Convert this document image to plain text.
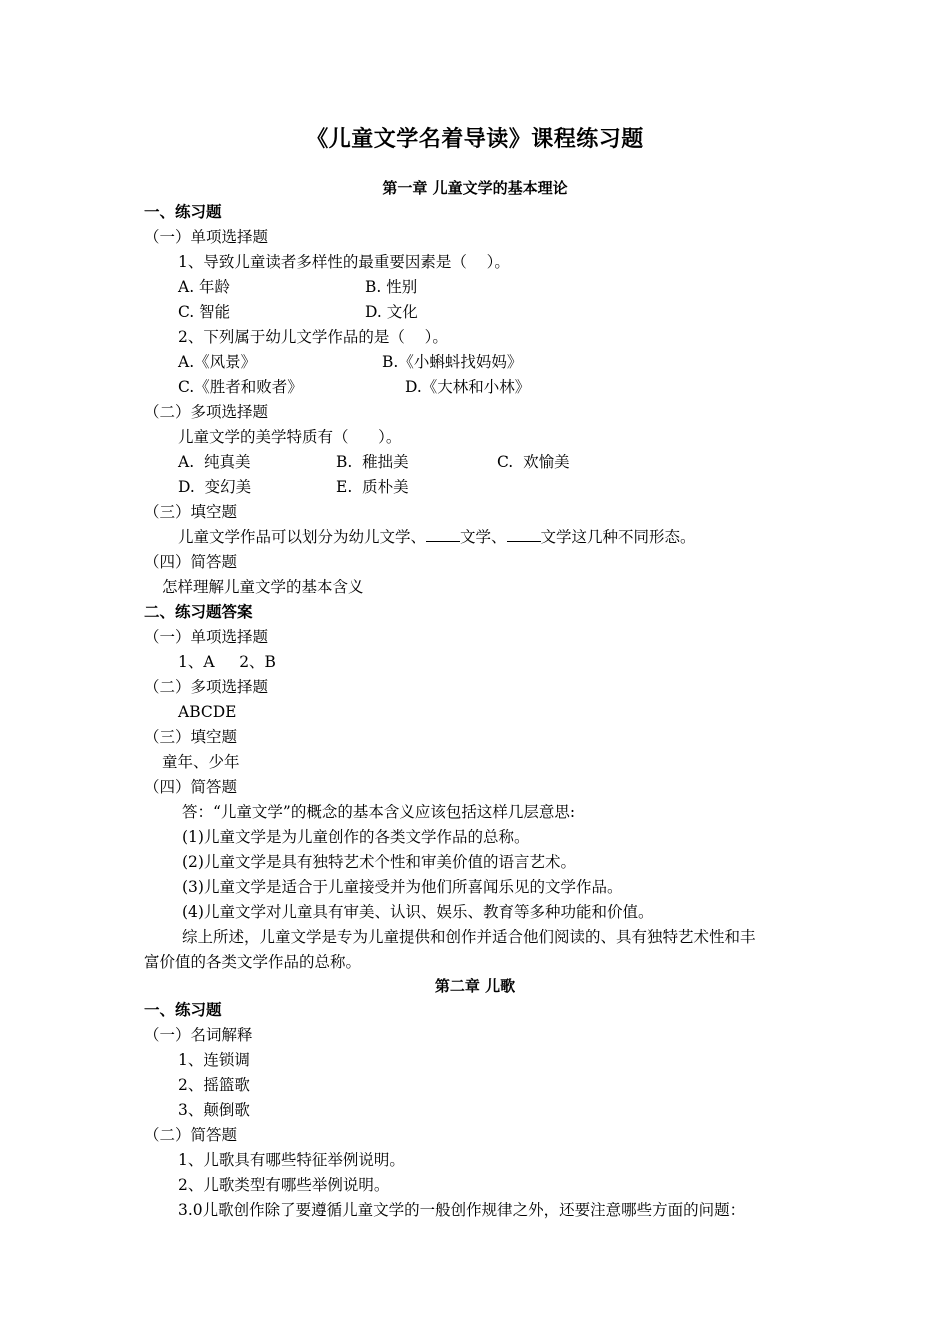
《儿童文学名着导读》课程练习题
第一章 儿童文学的基本理论
一、练习题
（一）单项选择题
1、导致儿童读者多样性的最重要因素是（    ）。
A. 年龄	B. 性别
C. 智能	D. 文化
2、下列属于幼儿文学作品的是（    ）。
A.《风景》	B.《小蝌蚪找妈妈》
C.《胜者和败者》	D.《大林和小林》
（二）多项选择题
儿童文学的美学特质有（      ）。
A.  纯真美	B.  稚拙美	C.  欢愉美
D.  变幻美	E.  质朴美
（三）填空题
儿童文学作品可以划分为幼儿文学、 文学、 文学这几种不同形态。
（四）简答题
怎样理解儿童文学的基本含义
二、练习题答案
（一）单项选择题
1、A     2、B
（二）多项选择题
ABCDE
（三）填空题
童年、少年
（四）简答题
答：“儿童文学”的概念的基本含义应该包括这样几层意思:
(1)儿童文学是为儿童创作的各类文学作品的总称。
(2)儿童文学是具有独特艺术个性和审美价值的语言艺术。
(3)儿童文学是适合于儿童接受并为他们所喜闻乐见的文学作品。
(4)儿童文学对儿童具有审美、认识、娱乐、教育等多种功能和价值。
综上所述，儿童文学是专为儿童提供和创作并适合他们阅读的、具有独特艺术性和丰
富价值的各类文学作品的总称。
第二章 儿歌
一、练习题
（一）名词解释
1、连锁调
2、摇篮歌
3、颠倒歌
（二）简答题
1、儿歌具有哪些特征举例说明。
2、儿歌类型有哪些举例说明。
3.0儿歌创作除了要遵循儿童文学的一般创作规律之外，还要注意哪些方面的问题：
